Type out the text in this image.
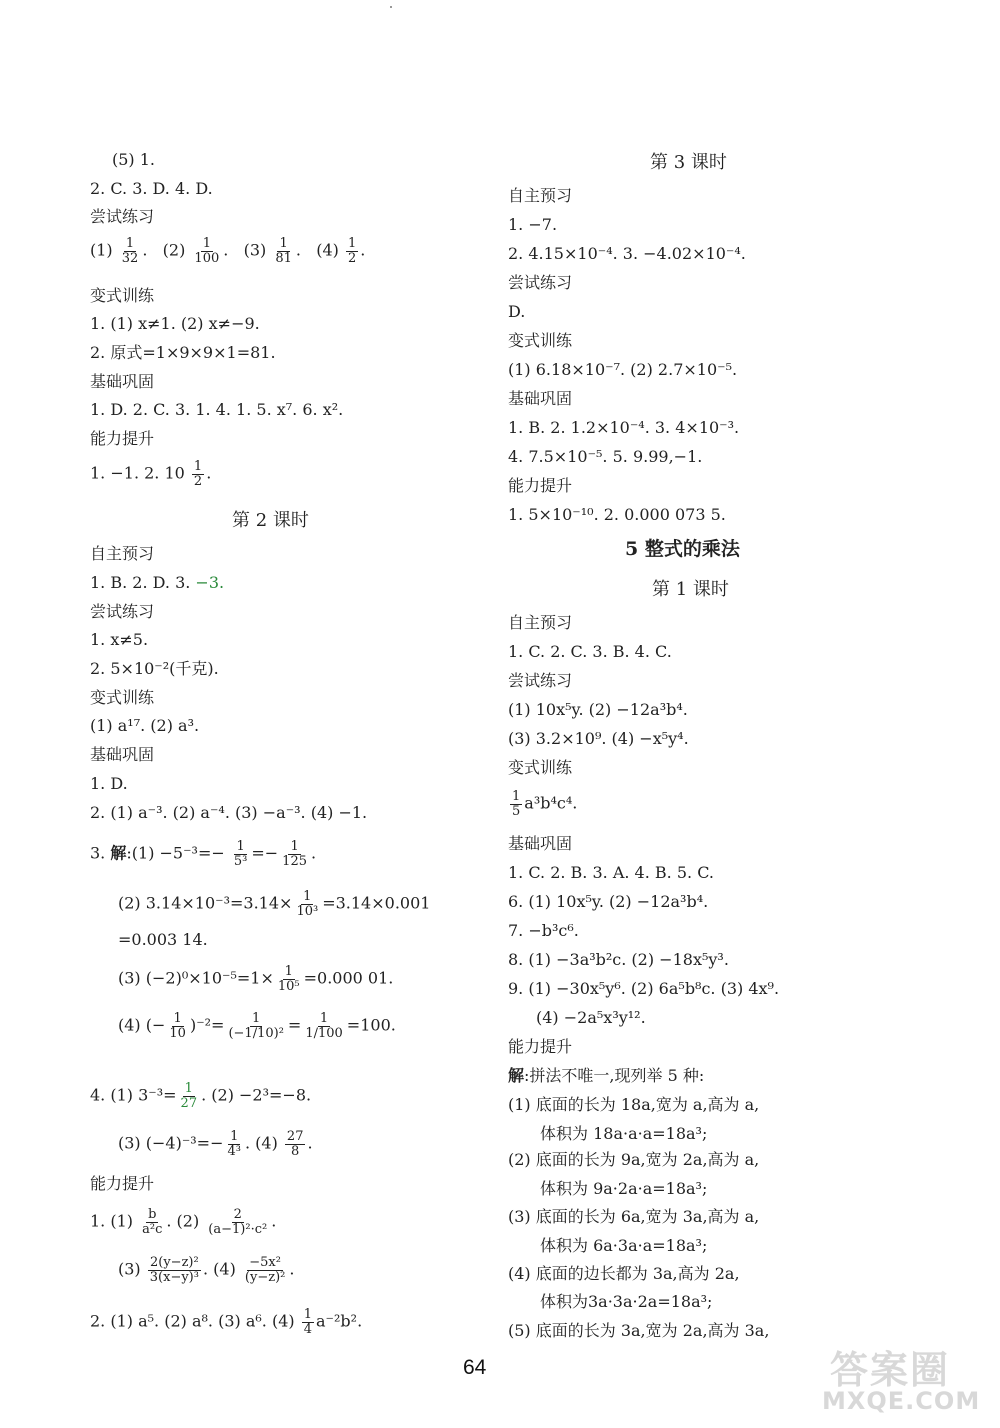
(5) 1.
2. C. 3. D. 4. D.
尝试练习
$(1) \frac{1}{32}$ .   $(2) \frac{1}{100}$ .   $(3) \frac{1}{81}$ .   $(4) \frac{1}{2}$ .
变式训练
1. (1) x≠1. (2) x≠−9.
2. 原式=1×9×9×1=81.
基础巩固
1. D. 2. C. 3. 1. 4. 1. 5. x⁷. 6. x².
能力提升
1. −1. 2. $10 \frac{1}{2}$ .
第 2 课时
自主预习
1. B. 2. D. 3. −3.
尝试练习
1. x≠5.
2. 5×10⁻²(千克).
变式训练
(1) a¹⁷. (2) a³.
基础巩固
1. D.
2. (1) a⁻³. (2) a⁻⁴. (3) −a⁻³. (4) −1.
3. 解:(1) $-5^{-3}=- \frac{1}{\text{5³}} =- \frac{1}{125}$ .
(2) $3.14\times 10^{-3}=3.14\times \frac{1}{\text{10³}} =3.14\times 0.001$
=0.003 14.
(3) $(-2)^0\times 10^{-5}=1\times \frac{1}{\text{10⁵}} =0.000$ 01.
(4) (− $\frac{1}{10} )^{-2}= \frac{1}{\text{(−1/10)²}} = \frac{1}{1/100} =100$.
4. (1) $3^{-3}= \frac{1}{27}$ . (2) −2³=−8.
(3) $(-4)^{-3}=- \frac{1}{\text{4³}}$ . $(4) \frac{27}{8}$ .
能力提升
1. $(1) \frac{b}{\text{a²c}}$ . $(2) \frac{2}{\text{(a−1)²·c²}}$ .
$(3) \frac{\text{2(y−z)²}}{\text{3(x−y)³}}$ . $(4) \frac{\text{−5x²}}{\text{(y−z)²}}$ .
2. (1) a⁵. (2) a⁸. (3) a⁶. $(4) \frac{1}{4} a^{-2}b^2$.
第 3 课时
自主预习
1. −7.
2. 4.15×10⁻⁴. 3. −4.02×10⁻⁴.
尝试练习
D.
变式训练
(1) 6.18×10⁻⁷. (2) 2.7×10⁻⁵.
基础巩固
1. B. 2. 1.2×10⁻⁴. 3. 4×10⁻³.
4. 7.5×10⁻⁵. 5. 9.99,−1.
能力提升
1. 5×10⁻¹⁰. 2. 0.000 073 5.
5 整式的乘法
第 1 课时
自主预习
1. C. 2. C. 3. B. 4. C.
尝试练习
(1) 10x⁵y. (2) −12a³b⁴.
(3) 3.2×10⁹. (4) −x⁵y⁴.
变式训练
$\frac{1}{5} a^3b^4c^4$.
基础巩固
1. C. 2. B. 3. A. 4. B. 5. C.
6. (1) 10x⁵y. (2) −12a³b⁴.
7. −b³c⁶.
8. (1) −3a³b²c. (2) −18x⁵y³.
9. (1) −30x⁵y⁶. (2) 6a⁵b⁸c. (3) 4x⁹.
(4) −2a⁵x³y¹².
能力提升
解:拼法不唯一,现列举 5 种:
(1) 底面的长为 18a,宽为 a,高为 a,
体积为 18a·a·a=18a³;
(2) 底面的长为 9a,宽为 2a,高为 a,
体积为 9a·2a·a=18a³;
(3) 底面的长为 6a,宽为 3a,高为 a,
体积为 6a·3a·a=18a³;
(4) 底面的边长都为 3a,高为 2a,
体积为3a·3a·2a=18a³;
(5) 底面的长为 3a,宽为 2a,高为 3a,
64	答案圈
MXQE.COM
